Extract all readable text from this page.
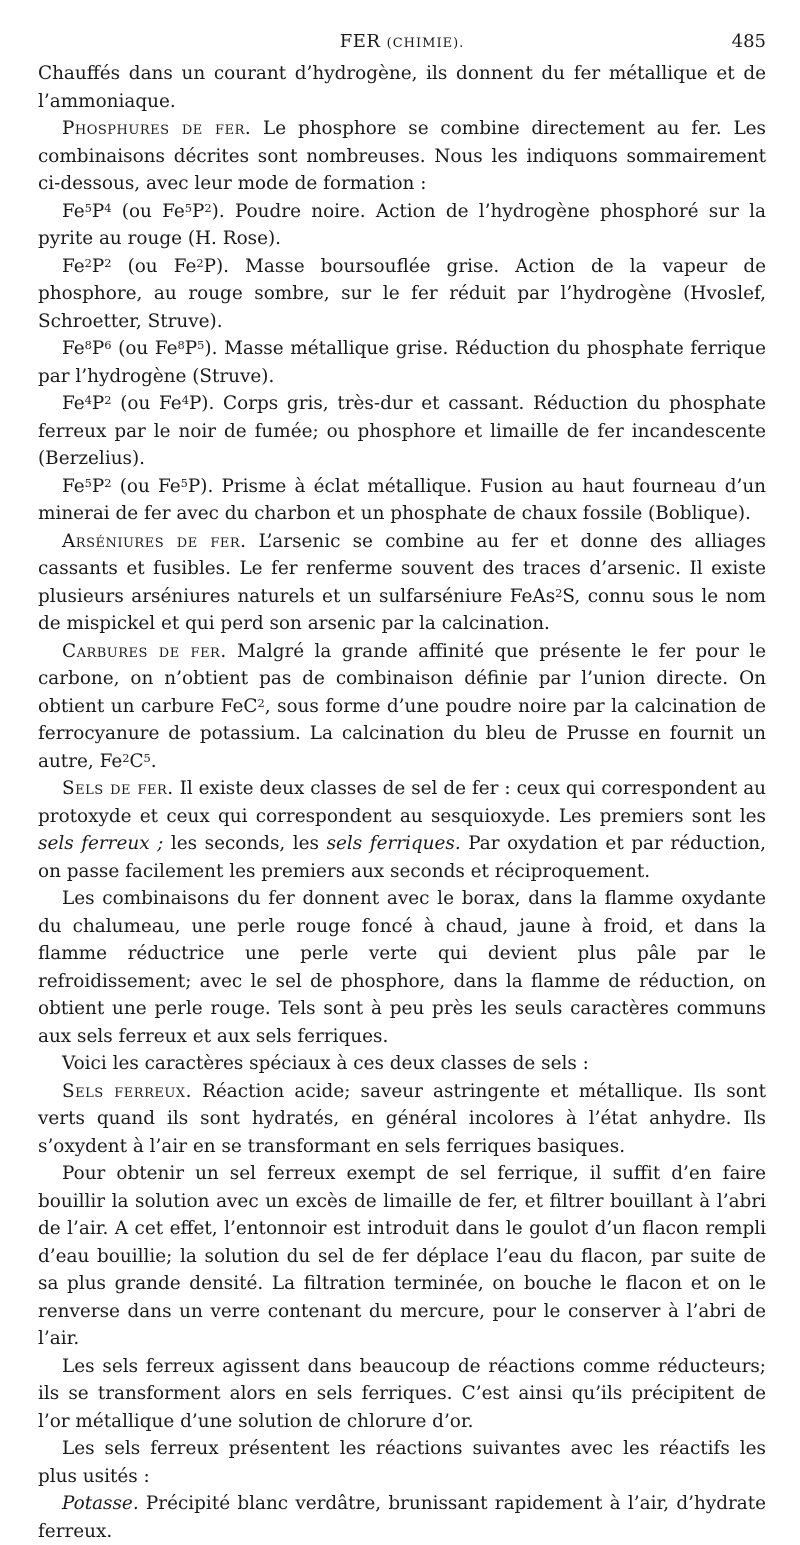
FER (CHIMIE).	485

Chauffés dans un courant d’hydrogène, ils donnent du fer métallique et de l’ammoniaque.

Phosphures de fer. Le phosphore se combine directement au fer. Les combinaisons décrites sont nombreuses. Nous les indiquons sommairement ci-dessous, avec leur mode de formation :

$Fe^5P^4$ (ou $Fe^5P^2$). Poudre noire. Action de l’hydrogène phosphoré sur la pyrite au rouge (H. Rose).

$Fe^2P^2$ (ou Fe$^2$P). Masse boursouflée grise. Action de la vapeur de phosphore, au rouge sombre, sur le fer réduit par l’hydrogène (Hvoslef, Schroetter, Struve).

$Fe^8P^6$ (ou $Fe^8P^5$). Masse métallique grise. Réduction du phosphate ferrique par l’hydrogène (Struve).

$Fe^4P^2$ (ou Fe$^4$P). Corps gris, très-dur et cassant. Réduction du phosphate ferreux par le noir de fumée; ou phosphore et limaille de fer incandescente (Berzelius).

$Fe^5P^2$ (ou Fe$^5$P). Prisme à éclat métallique. Fusion au haut fourneau d’un minerai de fer avec du charbon et un phosphate de chaux fossile (Boblique).

Arséniures de fer. L’arsenic se combine au fer et donne des alliages cassants et fusibles. Le fer renferme souvent des traces d’arsenic. Il existe plusieurs arséniures naturels et un sulfarséniure FeAs$^2$S, connu sous le nom de mispickel et qui perd son arsenic par la calcination.

Carbures de fer. Malgré la grande affinité que présente le fer pour le carbone, on n’obtient pas de combinaison définie par l’union directe. On obtient un carbure FeC$^2$, sous forme d’une poudre noire par la calcination de ferrocyanure de potassium. La calcination du bleu de Prusse en fournit un autre, $Fe^2C^5$.

Sels de fer. Il existe deux classes de sel de fer : ceux qui correspondent au protoxyde et ceux qui correspondent au sesquioxyde. Les premiers sont les sels ferreux ; les seconds, les sels ferriques. Par oxydation et par réduction, on passe facilement les premiers aux seconds et réciproquement.

Les combinaisons du fer donnent avec le borax, dans la flamme oxydante du chalumeau, une perle rouge foncé à chaud, jaune à froid, et dans la flamme réductrice une perle verte qui devient plus pâle par le refroidissement; avec le sel de phosphore, dans la flamme de réduction, on obtient une perle rouge. Tels sont à peu près les seuls caractères communs aux sels ferreux et aux sels ferriques.

Voici les caractères spéciaux à ces deux classes de sels :

Sels ferreux. Réaction acide; saveur astringente et métallique. Ils sont verts quand ils sont hydratés, en général incolores à l’état anhydre. Ils s’oxydent à l’air en se transformant en sels ferriques basiques.

Pour obtenir un sel ferreux exempt de sel ferrique, il suffit d’en faire bouillir la solution avec un excès de limaille de fer, et filtrer bouillant à l’abri de l’air. A cet effet, l’entonnoir est introduit dans le goulot d’un flacon rempli d’eau bouillie; la solution du sel de fer déplace l’eau du flacon, par suite de sa plus grande densité. La filtration terminée, on bouche le flacon et on le renverse dans un verre contenant du mercure, pour le conserver à l’abri de l’air.

Les sels ferreux agissent dans beaucoup de réactions comme réducteurs; ils se transforment alors en sels ferriques. C’est ainsi qu’ils précipitent de l’or métallique d’une solution de chlorure d’or.

Les sels ferreux présentent les réactions suivantes avec les réactifs les plus usités :

Potasse. Précipité blanc verdâtre, brunissant rapidement à l’air, d’hydrate ferreux.
